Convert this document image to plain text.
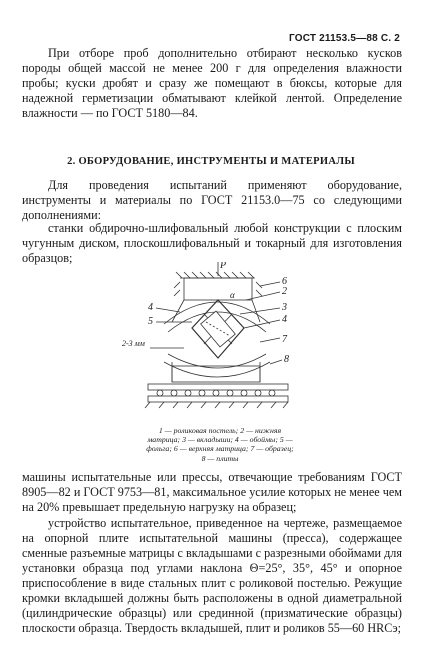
ГОСТ 21153.5—88 С. 2
При отборе проб дополнительно отбирают несколько кусков породы общей массой не менее 200 г для определения влажности пробы; куски дробят и сразу же помещают в бюксы, которые для надежной герметизации обматывают клейкой лентой. Определение влажности — по ГОСТ 5180—84.
2. ОБОРУДОВАНИЕ, ИНСТРУМЕНТЫ И МАТЕРИАЛЫ
Для проведения испытаний применяют оборудование, инструменты и материалы по ГОСТ 21153.0—75 со следующими дополнениями:
станки обдирочно-шлифовальный любой конструкции с плоским чугунным диском, плоскошлифовальный и токарный для изготовления образцов;
P
6
2
3
4
4
5
7
2-3 мм
8
α
1 — роликовая постель; 2 — нижняя матрица; 3 — вкладыши; 4 — обоймы; 5 — фольга; 6 — верхняя матрица; 7 — образец; 8 — плиты
машины испытательные или прессы, отвечающие требованиям ГОСТ 8905—82 и ГОСТ 9753—81, максимальное усилие которых не менее чем на 20% превышает предельную нагрузку на образец;
устройство испытательное, приведенное на чертеже, размещаемое на опорной плите испытательной машины (пресса), содержащее сменные разъемные матрицы с вкладышами с разрезными обоймами для установки образца под углами наклона Θ=25°, 35°, 45° и опорное приспособление в виде стальных плит с роликовой постелью. Режущие кромки вкладышей должны быть расположены в одной диаметральной (цилиндрические образцы) или срединной (призматические образцы) плоскости образца. Твердость вкладышей, плит и роликов 55—60 HRCэ;
